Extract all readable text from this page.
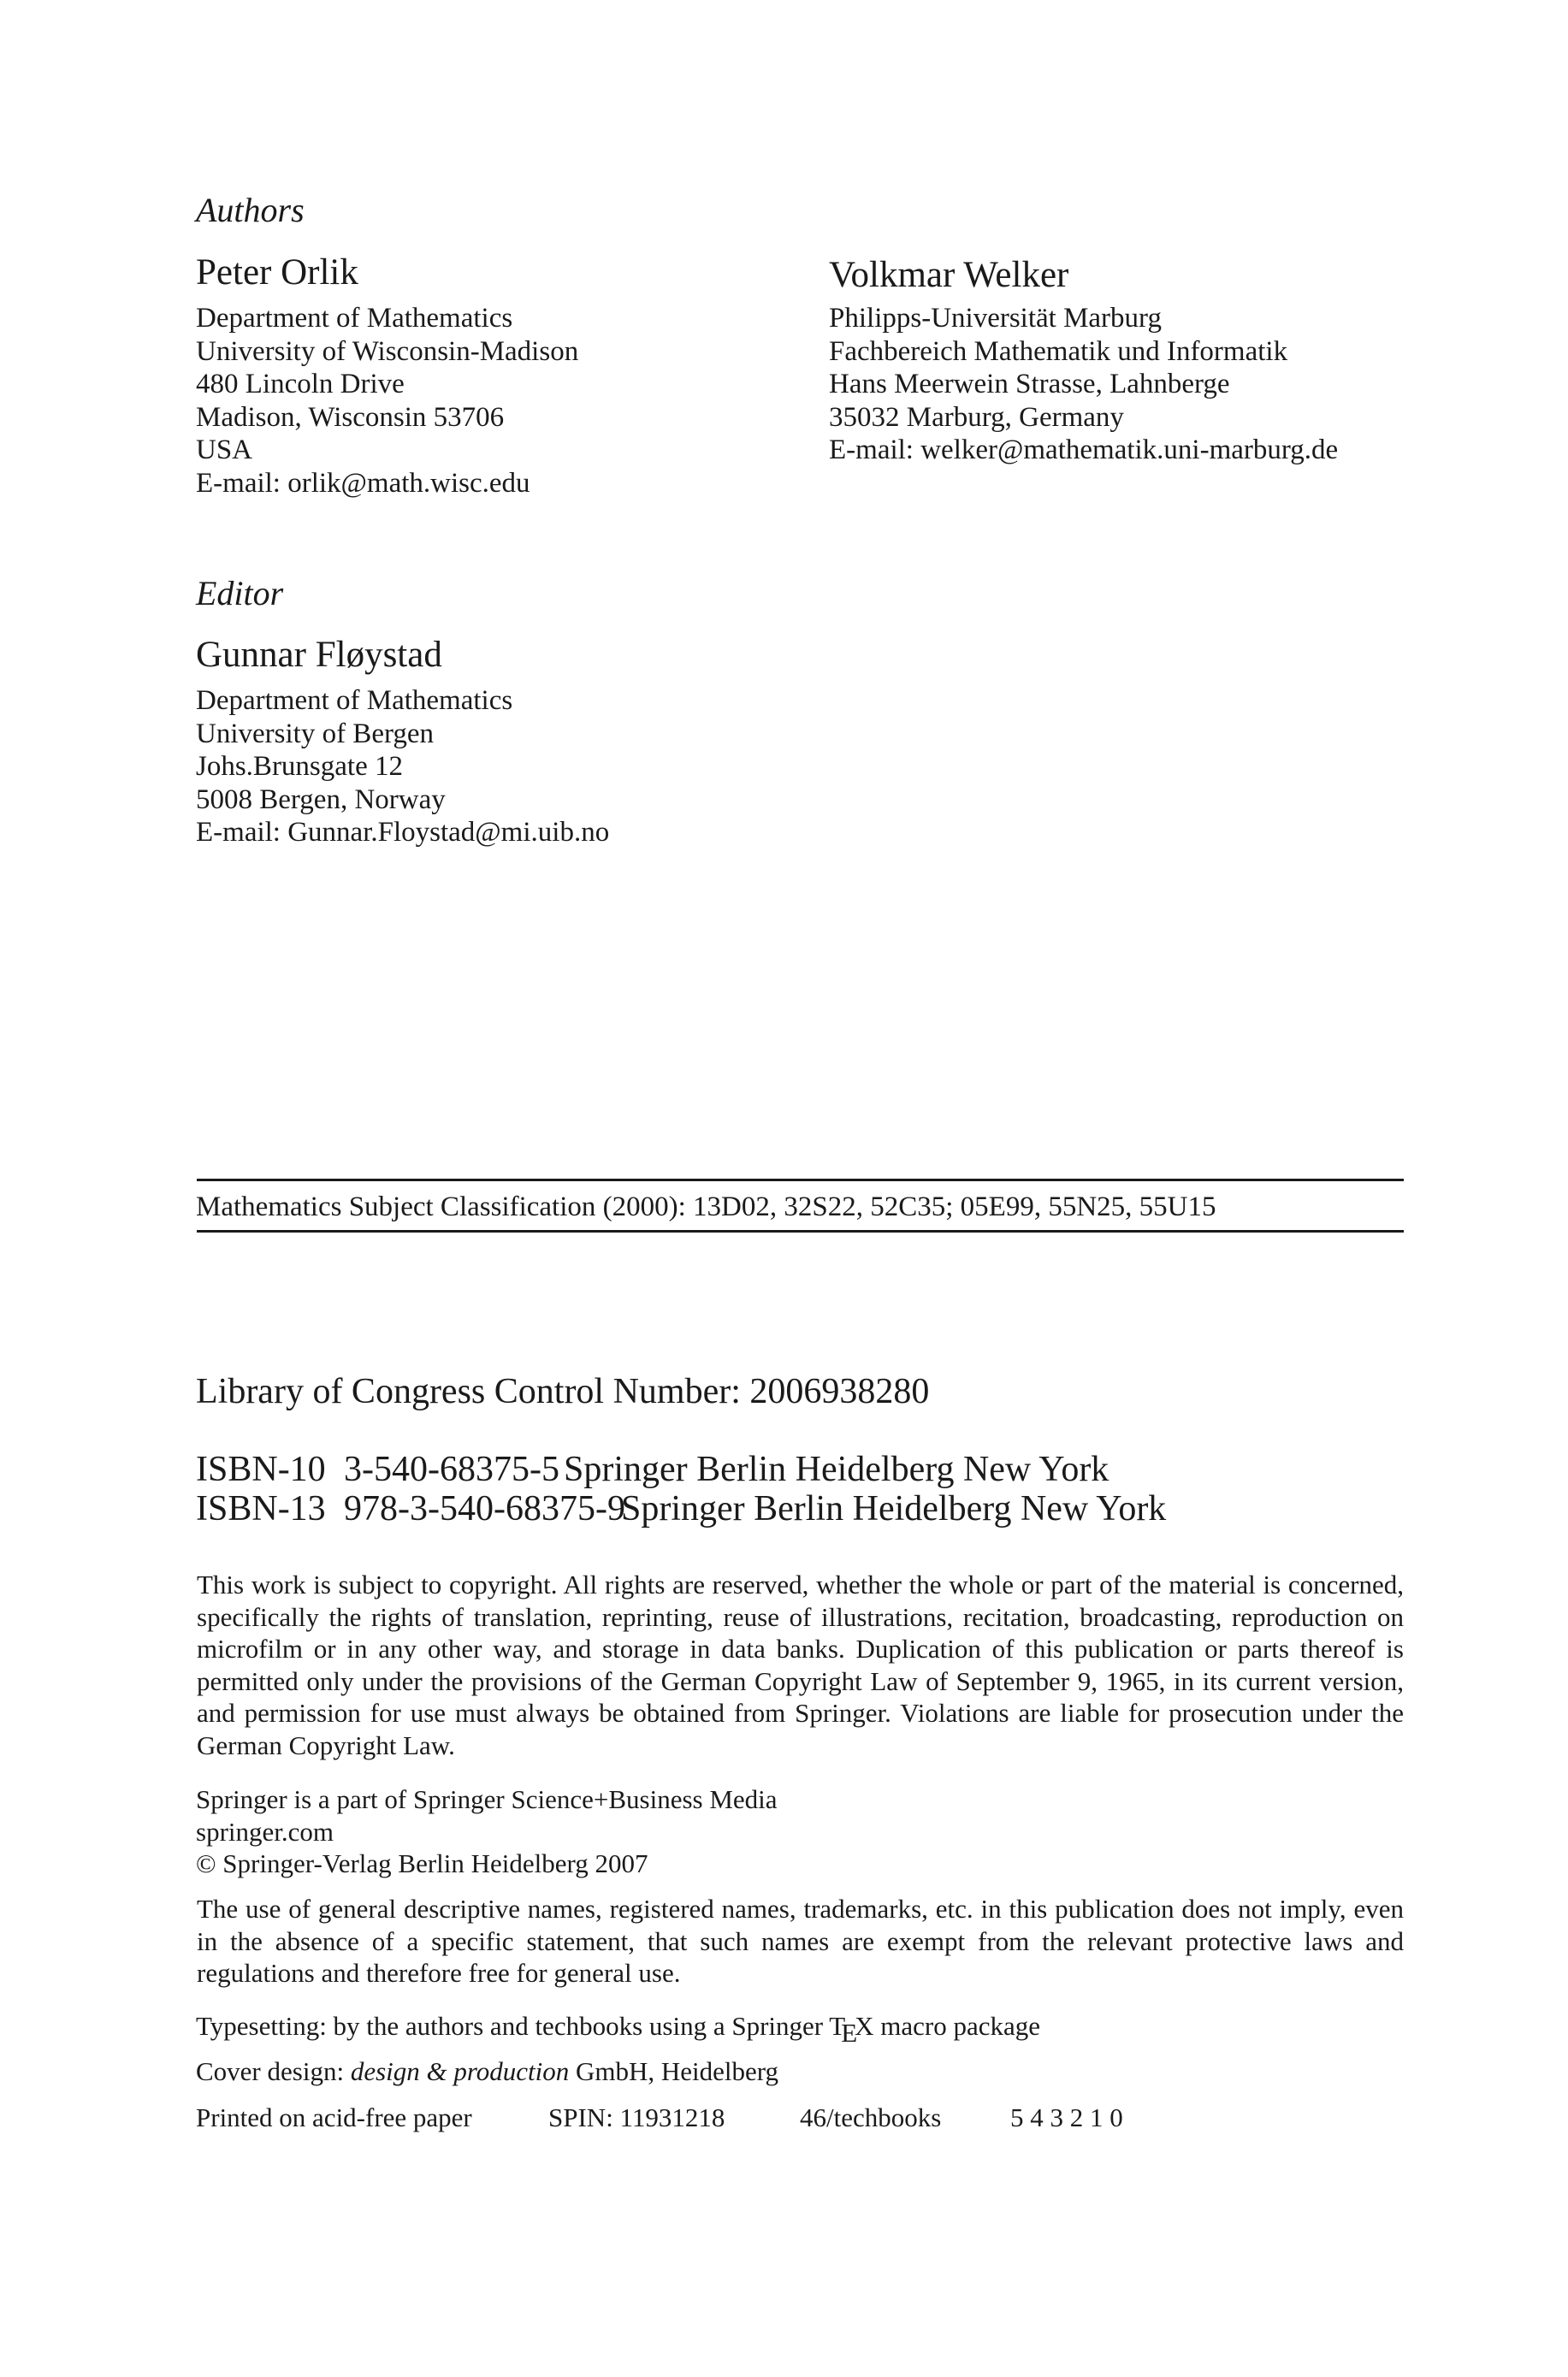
Authors
Peter Orlik
Department of Mathematics
University of Wisconsin-Madison
480 Lincoln Drive
Madison, Wisconsin 53706
USA
E-mail: orlik@math.wisc.edu
Volkmar Welker
Philipps-Universität Marburg
Fachbereich Mathematik und Informatik
Hans Meerwein Strasse, Lahnberge
35032 Marburg, Germany
E-mail: welker@mathematik.uni-marburg.de
Editor
Gunnar Fløystad
Department of Mathematics
University of Bergen
Johs.Brunsgate 12
5008 Bergen, Norway
E-mail: Gunnar.Floystad@mi.uib.no
Mathematics Subject Classification (2000): 13D02, 32S22, 52C35; 05E99, 55N25, 55U15
Library of Congress Control Number: 2006938280
ISBN-10 3-540-68375-5 Springer Berlin Heidelberg New York
ISBN-13 978-3-540-68375-9Springer Berlin Heidelberg New York

This work is subject to copyright. All rights are reserved, whether the whole or part of the material is concerned, specifically the rights of translation, reprinting, reuse of illustrations, recitation, broadcasting, reproduction on microfilm or in any other way, and storage in data banks. Duplication of this publication or parts thereof is permitted only under the provisions of the German Copyright Law of September 9, 1965, in its current version, and permission for use must always be obtained from Springer. Violations are liable for prosecution under the German Copyright Law.

Springer is a part of Springer Science+Business Media
springer.com
© Springer-Verlag Berlin Heidelberg 2007

The use of general descriptive names, registered names, trademarks, etc. in this publication does not imply, even in the absence of a specific statement, that such names are exempt from the relevant protective laws and regulations and therefore free for general use.

Typesetting: by the authors and techbooks using a Springer TEX macro package
Cover design: design & production GmbH, Heidelberg
Printed on acid-free paper	SPIN: 11931218	46/techbooks	5 4 3 2 1 0
